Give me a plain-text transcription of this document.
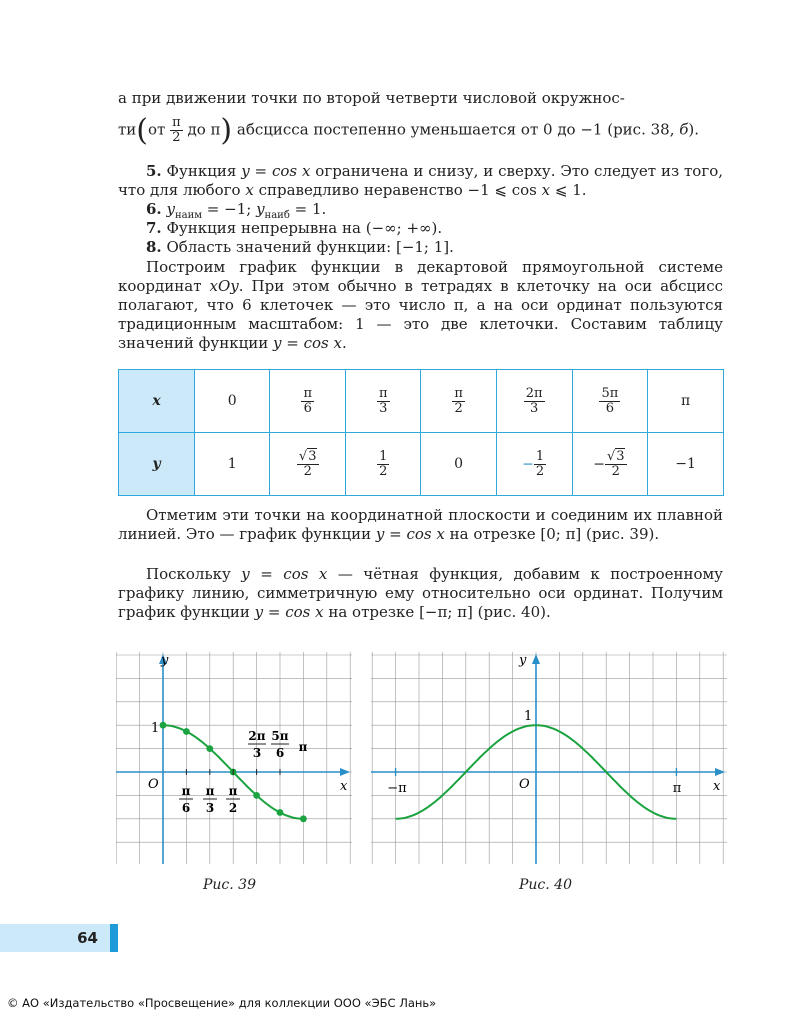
а при движении точки по второй четверти числовой окружнос-

$ти(от \frac{\pi}{2}$ до π) абсцисса постепенно уменьшается от 0 до −1 (рис. 38, б).

5. Функция y = cos x ограничена и снизу, и сверху. Это следует из того, что для любого x справедливо неравенство −1 ⩽ cos x ⩽ 1.

6. $y_{наим} = -1$; $y_{наиб} = 1$.

7. Функция непрерывна на (−∞; +∞).

8. Область значений функции: [−1; 1].

Построим график функции в декартовой прямоугольной системе координат xOy. При этом обычно в тетрадях в клеточку на оси абсцисс полагают, что 6 клеточек — это число π, а на оси ординат пользуются традиционным масштабом: 1 — это две клеточки. Составим таблицу значений функции y = cos x.

x	0	$\frac{\pi}{6}$	$\frac{\pi}{3}$	$\frac{\pi}{2}$	$\frac{2\pi}{3}$	$\frac{5\pi}{6}$	π
y	1	$\frac{√3}{2}$	$\frac{1}{2}$	0	− $\frac{1}{2}$	− $\frac{√3}{2}$	−1

Отметим эти точки на координатной плоскости и соединим их плавной линией. Это — график функции y = cos x на отрезке [0; π] (рис. 39).

Поскольку y = cos x — чётная функция, добавим к построенному графику линию, симметричную ему относительно оси ординат. Получим график функции y = cos x на отрезке [−π; π] (рис. 40).

y
x
O
1
π
6
π
3
π
2
2π
3
5π
6 π
Рис. 39
y
x
O
1
−π	π
Рис. 40
64
© АО «Издательство «Просвещение» для коллекции ООО «ЭБС Лань»
